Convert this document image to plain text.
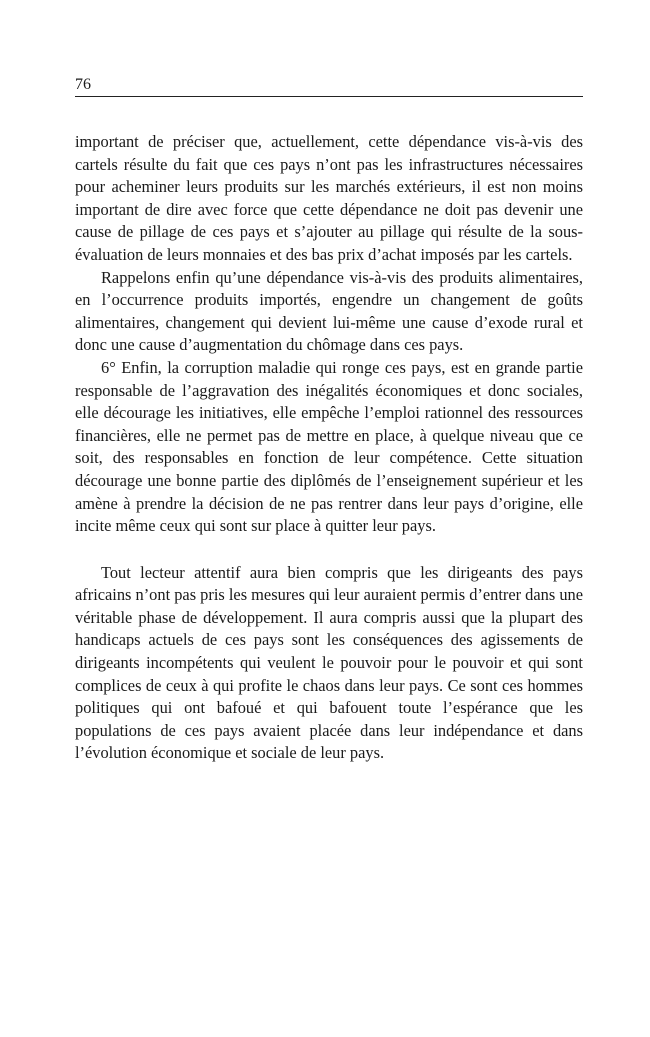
76

important de préciser que, actuellement, cette dépendance vis-à-vis des cartels résulte du fait que ces pays n’ont pas les infrastructures nécessaires pour acheminer leurs produits sur les marchés extérieurs, il est non moins important de dire avec force que cette dépendance ne doit pas devenir une cause de pillage de ces pays et s’ajouter au pillage qui résulte de la sous-évaluation de leurs monnaies et des bas prix d’achat imposés par les cartels.

Rappelons enfin qu’une dépendance vis-à-vis des produits alimentaires, en l’occurrence produits importés, engendre un changement de goûts alimentaires, changement qui devient lui-même une cause d’exode rural et donc une cause d’augmentation du chômage dans ces pays.

6° Enfin, la corruption maladie qui ronge ces pays, est en grande partie responsable de l’aggravation des inégalités économiques et donc sociales, elle décourage les initiatives, elle empêche l’emploi rationnel des ressources financières, elle ne permet pas de mettre en place, à quelque niveau que ce soit, des responsables en fonction de leur compétence. Cette situation décourage une bonne partie des diplômés de l’enseignement supérieur et les amène à prendre la décision de ne pas rentrer dans leur pays d’origine, elle incite même ceux qui sont sur place à quitter leur pays.

Tout lecteur attentif aura bien compris que les dirigeants des pays africains n’ont pas pris les mesures qui leur auraient permis d’entrer dans une véritable phase de développement. Il aura compris aussi que la plupart des handicaps actuels de ces pays sont les conséquences des agissements de dirigeants incompétents qui veulent le pouvoir pour le pouvoir et qui sont complices de ceux à qui profite le chaos dans leur pays. Ce sont ces hommes politiques qui ont bafoué et qui bafouent toute l’espérance que les populations de ces pays avaient placée dans leur indépendance et dans l’évolution économique et sociale de leur pays.
